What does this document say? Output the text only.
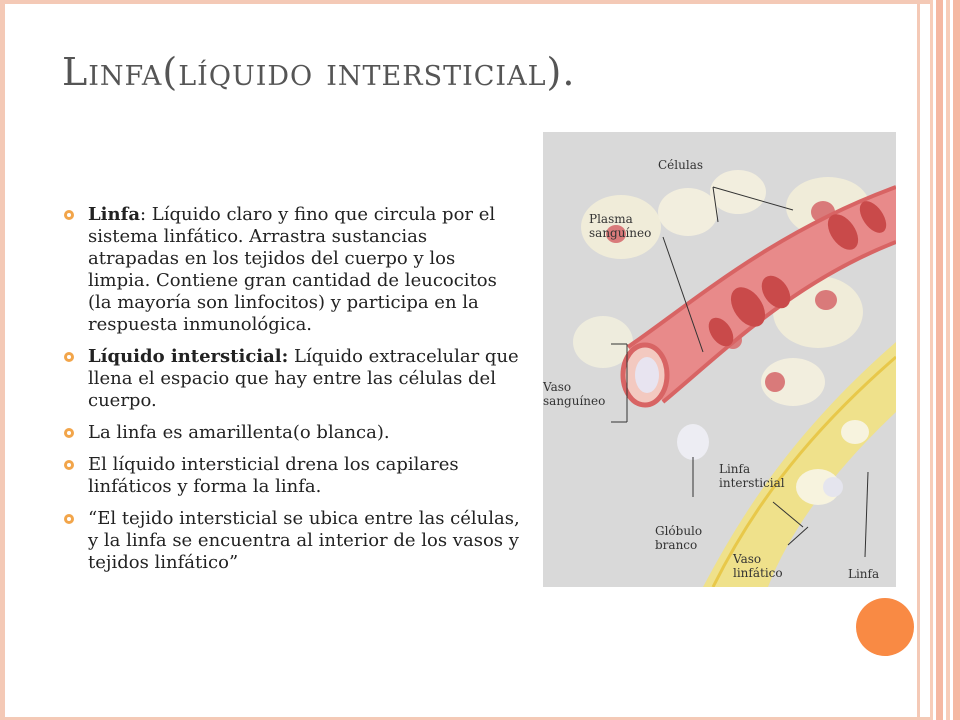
Linfa(líquido intersticial).
Linfa: Líquido claro y fino que circula por el sistema linfático. Arrastra sustancias atrapadas en los tejidos del cuerpo y los limpia. Contiene gran cantidad de leucocitos (la mayoría son linfocitos) y participa en la respuesta inmunológica.
Líquido intersticial: Líquido extracelular que llena el espacio que hay entre las células del cuerpo.
La linfa es amarillenta(o blanca).
El líquido intersticial drena los capilares linfáticos y forma la linfa.
“El tejido intersticial se ubica entre las células, y la linfa se encuentra al interior de los vasos y tejidos linfático”
Células
Plasma
sanguíneo
Vaso
sanguíneo
Linfa
intersticial
Glóbulo
branco
Vaso
linfático	Linfa
